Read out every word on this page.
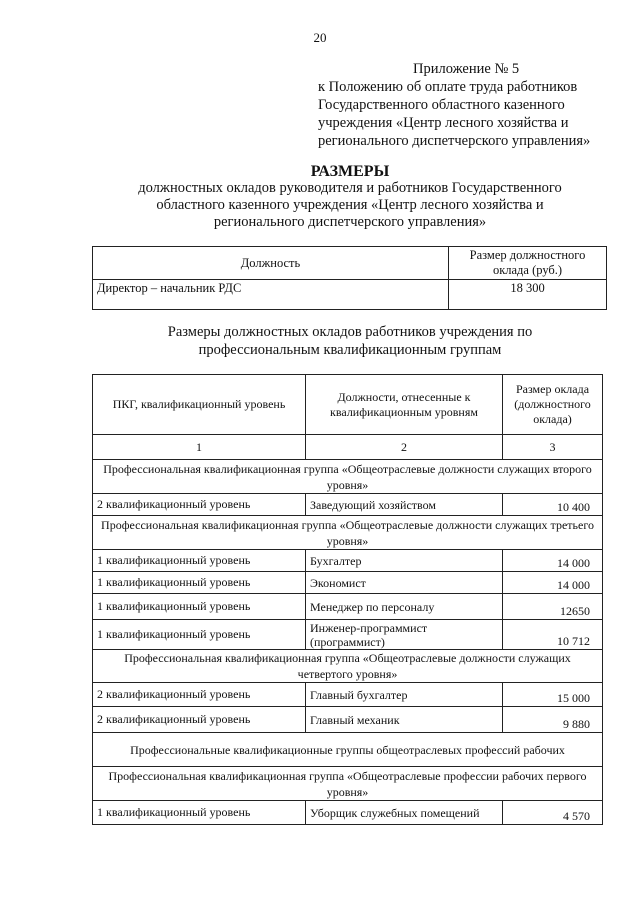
20
Приложение № 5
к Положению об оплате труда работников
Государственного областного казенного
учреждения «Центр лесного хозяйства и
регионального диспетчерского управления»
РАЗМЕРЫ
должностных окладов руководителя и работников Государственного
областного казенного учреждения «Центр лесного хозяйства и
регионального диспетчерского управления»
Должность	Размер должностного оклада (руб.)
Директор – начальник РДС	18 300
Размеры должностных окладов работников учреждения по
профессиональным квалификационным группам
ПКГ, квалификационный уровень	Должности, отнесенные к квалификационным уровням	Размер оклада (должностного оклада)
1	2	3
Профессиональная квалификационная группа «Общеотраслевые должности служащих второго уровня»		
2 квалификационный уровень	Заведующий хозяйством	10 400
Профессиональная квалификационная группа «Общеотраслевые должности служащих третьего уровня»		
1 квалификационный уровень	Бухгалтер	14 000
1 квалификационный уровень	Экономист	14 000
1 квалификационный уровень	Менеджер по персоналу	12650
1 квалификационный уровень	Инженер-программист (программист)	10 712
Профессиональная квалификационная группа «Общеотраслевые должности служащих четвертого уровня»		
2 квалификационный уровень	Главный бухгалтер	15 000
2 квалификационный уровень	Главный механик	9 880
Профессиональные квалификационные группы общеотраслевых профессий рабочих		
Профессиональная квалификационная группа «Общеотраслевые профессии рабочих первого уровня»		
1 квалификационный уровень	Уборщик служебных помещений	4 570
